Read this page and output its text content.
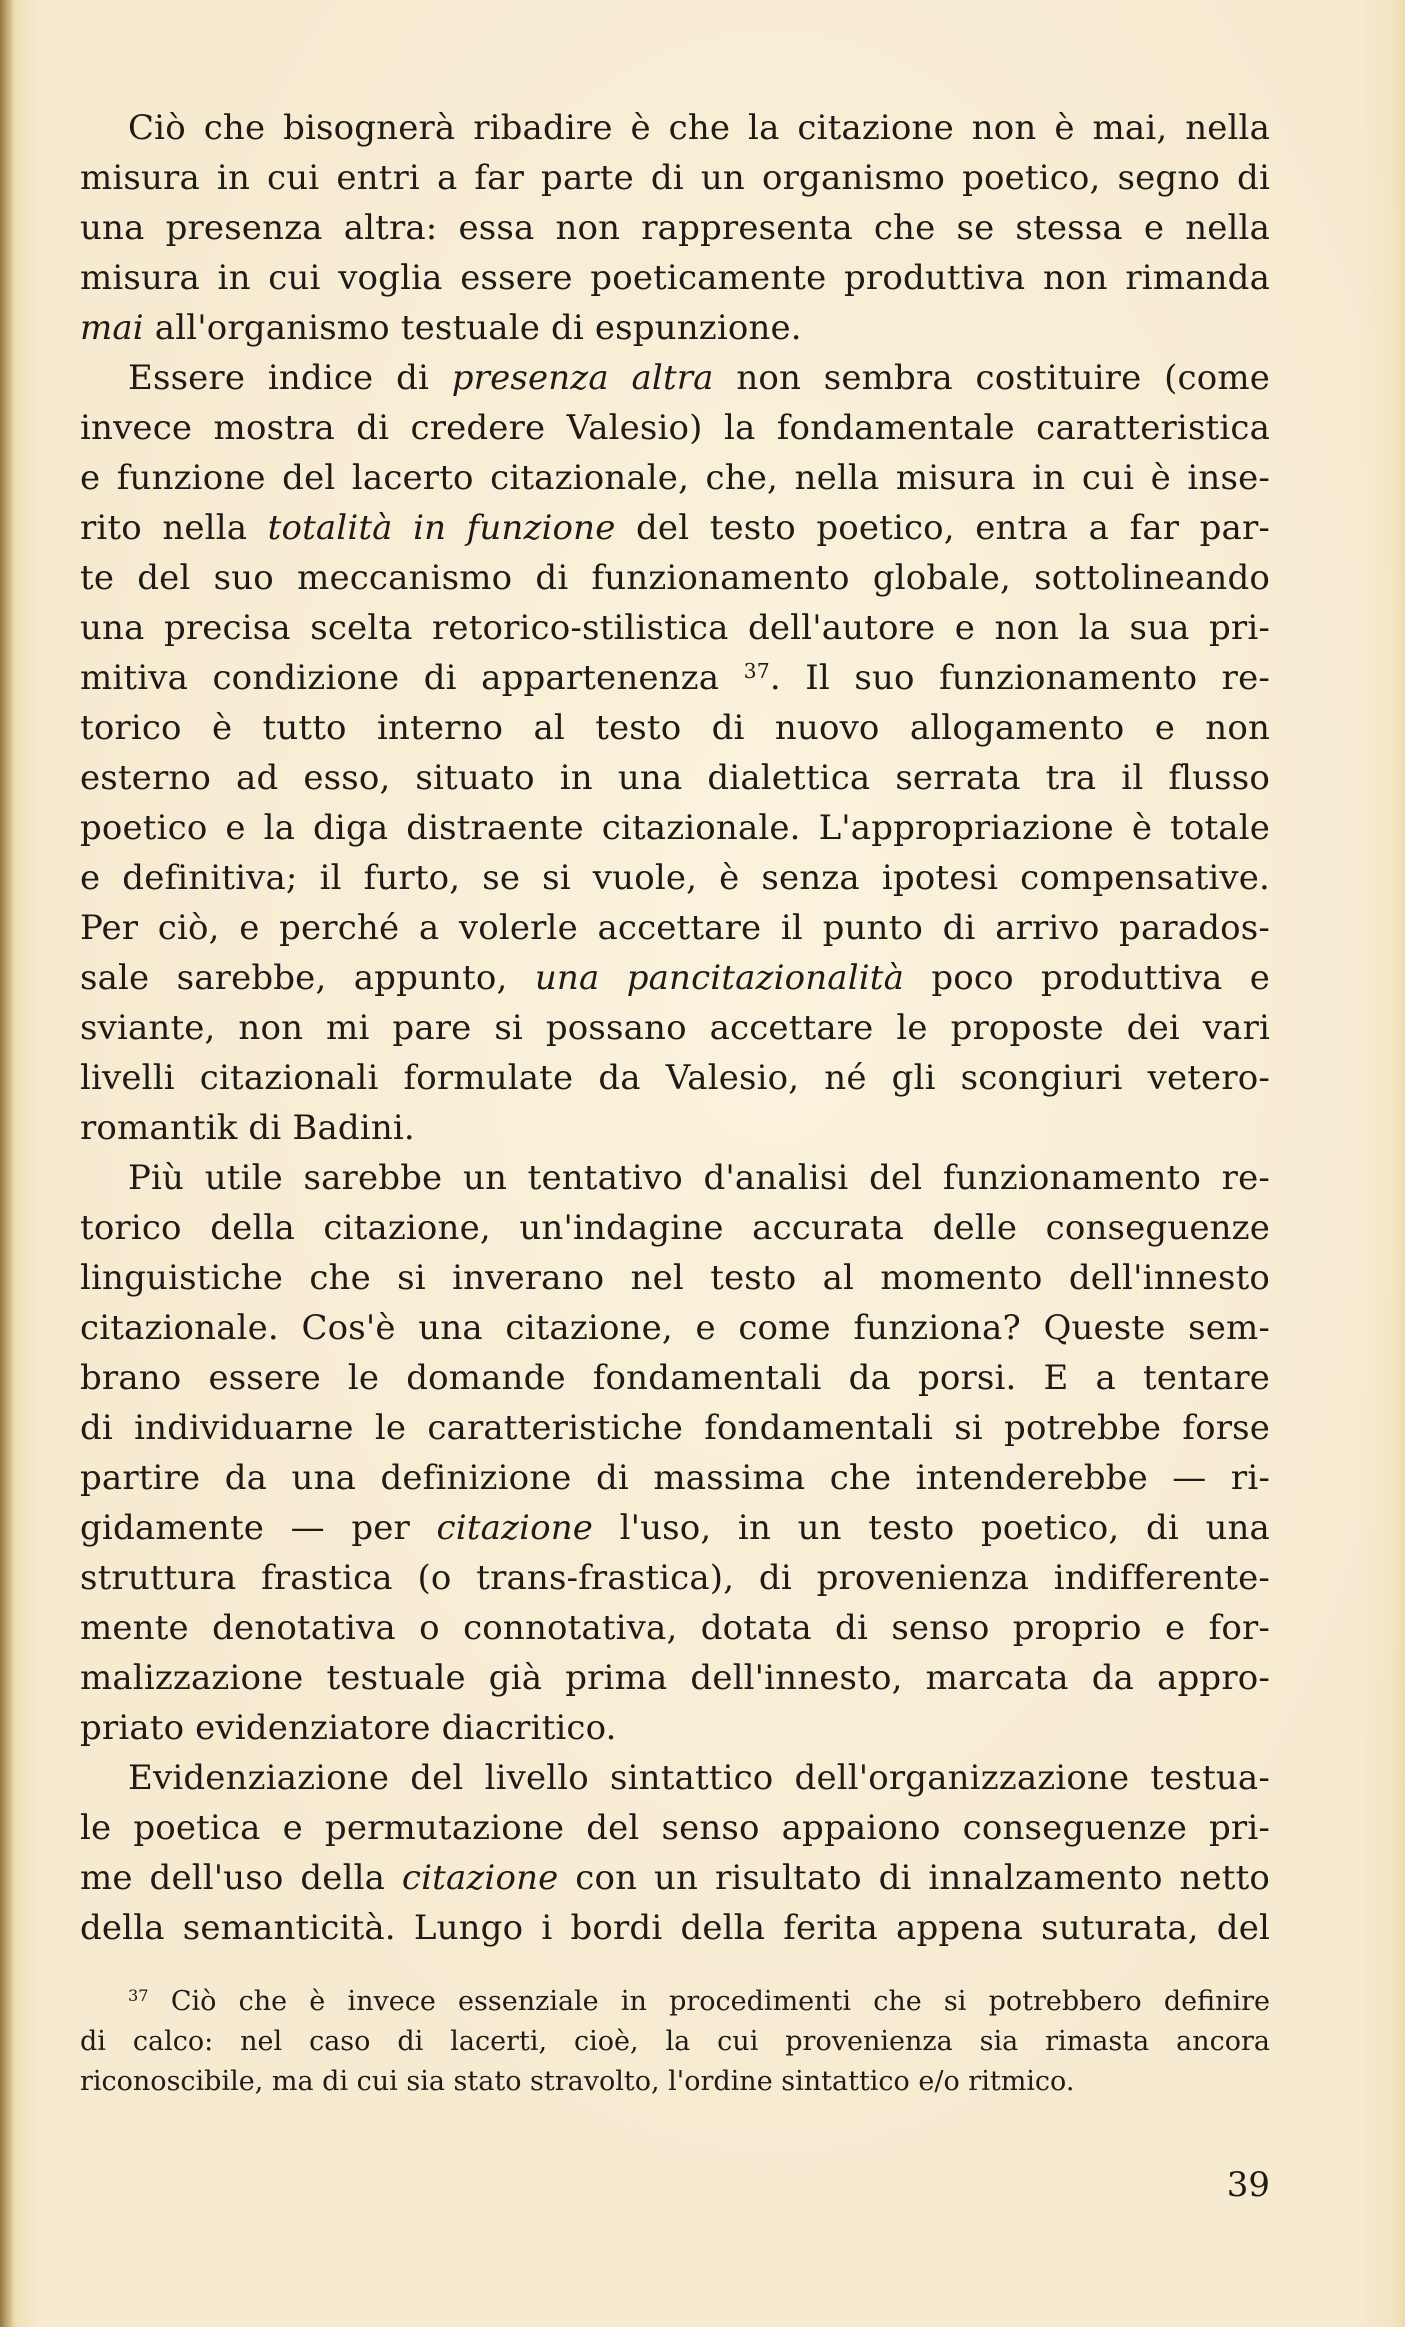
Ciò che bisognerà ribadire è che la citazione non è mai, nella
misura in cui entri a far parte di un organismo poetico, segno di
una presenza altra: essa non rappresenta che se stessa e nella
misura in cui voglia essere poeticamente produttiva non rimanda
mai all'organismo testuale di espunzione.
Essere indice di presenza altra non sembra costituire (come
invece mostra di credere Valesio) la fondamentale caratteristica
e funzione del lacerto citazionale, che, nella misura in cui è inse-
rito nella totalità in funzione del testo poetico, entra a far par-
te del suo meccanismo di funzionamento globale, sottolineando
una precisa scelta retorico-stilistica dell'autore e non la sua pri-
mitiva condizione di appartenenza $^{37}$. Il suo funzionamento re-
torico è tutto interno al testo di nuovo allogamento e non
esterno ad esso, situato in una dialettica serrata tra il flusso
poetico e la diga distraente citazionale. L'appropriazione è totale
e definitiva; il furto, se si vuole, è senza ipotesi compensative.
Per ciò, e perché a volerle accettare il punto di arrivo parados-
sale sarebbe, appunto, una pancitazionalità poco produttiva e
sviante, non mi pare si possano accettare le proposte dei vari
livelli citazionali formulate da Valesio, né gli scongiuri vetero-
romantik di Badini.
Più utile sarebbe un tentativo d'analisi del funzionamento re-
torico della citazione, un'indagine accurata delle conseguenze
linguistiche che si inverano nel testo al momento dell'innesto
citazionale. Cos'è una citazione, e come funziona? Queste sem-
brano essere le domande fondamentali da porsi. E a tentare
di individuarne le caratteristiche fondamentali si potrebbe forse
partire da una definizione di massima che intenderebbe — ri-
gidamente — per citazione l'uso, in un testo poetico, di una
struttura frastica (o trans-frastica), di provenienza indifferente-
mente denotativa o connotativa, dotata di senso proprio e for-
malizzazione testuale già prima dell'innesto, marcata da appro-
priato evidenziatore diacritico.
Evidenziazione del livello sintattico dell'organizzazione testua-
le poetica e permutazione del senso appaiono conseguenze pri-
me dell'uso della citazione con un risultato di innalzamento netto
della semanticità. Lungo i bordi della ferita appena suturata, del
$^{37}$ Ciò che è invece essenziale in procedimenti che si potrebbero definire
di calco: nel caso di lacerti, cioè, la cui provenienza sia rimasta ancora
riconoscibile, ma di cui sia stato stravolto, l'ordine sintattico e/o ritmico.
39
